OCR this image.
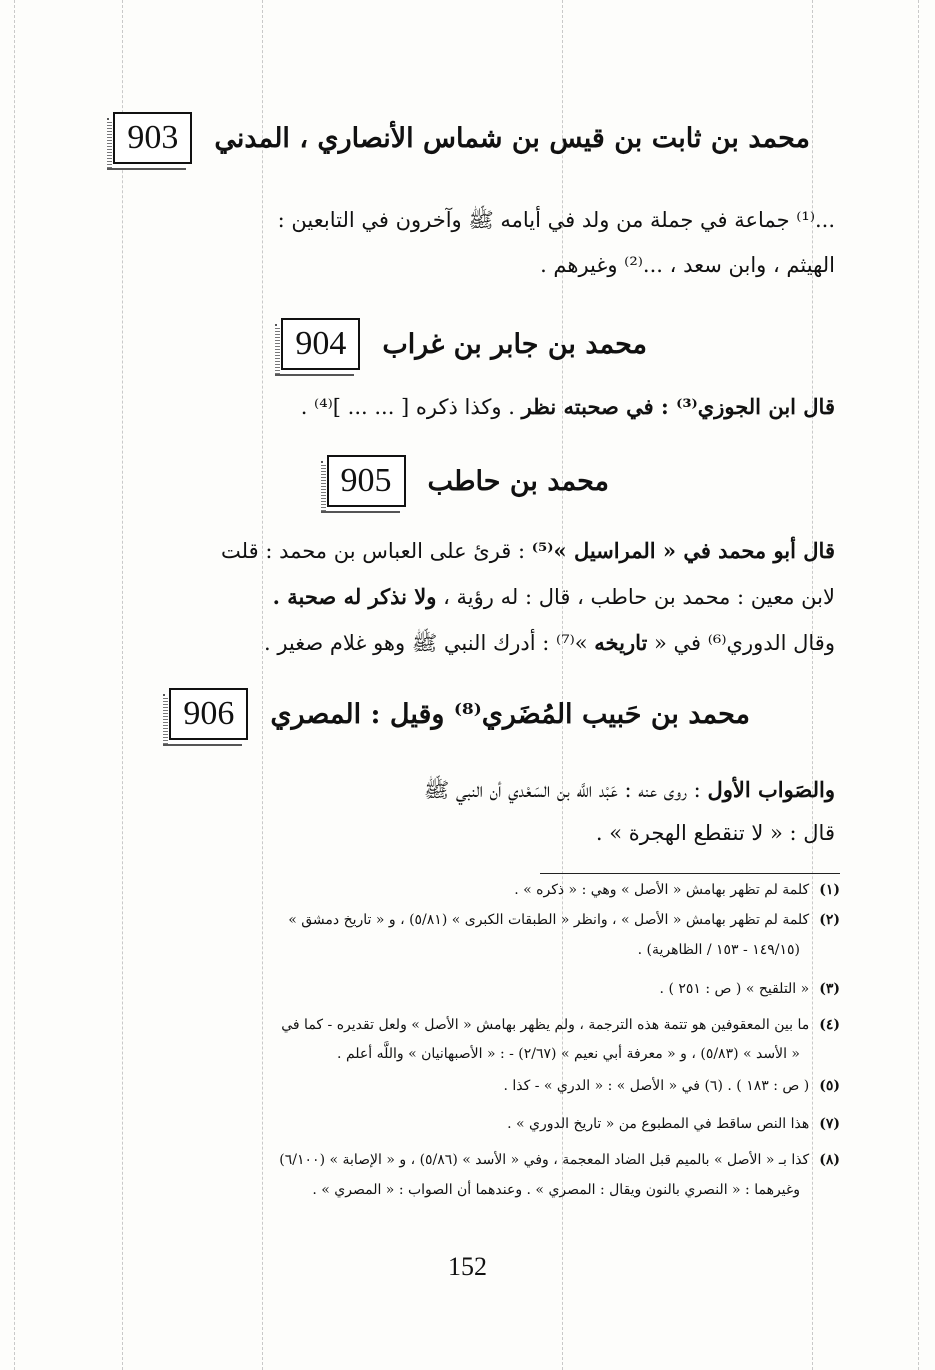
903	محمد بن ثابت بن قيس بن شماس الأنصاري ، المدني
...⁽¹⁾ جماعة في جملة من ولد في أيامه ﷺ وآخرون في التابعين :
الهيثم ، وابن سعد ، ...⁽²⁾ وغيرهم .
904	محمد بن جابر بن غراب
قال ابن الجوزي⁽³⁾ : في صحبته نظر . وكذا ذكره [ ... ... ]⁽⁴⁾ .
905	محمد بن حاطب
قال أبو محمد في « المراسيل »⁽⁵⁾ : قرئ على العباس بن محمد : قلت
لابن معين : محمد بن حاطب ، قال : له رؤية ، ولا نذكر له صحبة .
وقال الدوري⁽⁶⁾ في « تاريخه »⁽⁷⁾ : أدرك النبي ﷺ وهو غلام صغير .
906	محمد بن حَبيب المُضَري⁽⁸⁾ وقيل : المصري
والصَواب الأول : روى عنه : عَبْد اللَّه بن السَعْدي أن النبي ﷺ
قال : « لا تنقطع الهجرة » .
(١)كلمة لم تظهر بهامش « الأصل » وهي : « ذكره » .
(٢)كلمة لم تظهر بهامش « الأصل » ، وانظر « الطبقات الكبرى » (٥/٨١) ، و « تاريخ دمشق »
(١٤٩/١٥ - ١٥٣ / الظاهرية) .
(٣)« التلقيح » ( ص : ٢٥١ ) .
(٤)ما بين المعقوفين هو تتمة هذه الترجمة ، ولم يظهر بهامش « الأصل » ولعل تقديره - كما في
« الأسد » (٥/٨٣) ، و « معرفة أبي نعيم » (٢/٦٧) - : « الأصبهانيان » واللَّه أعلم .
(٥)( ص : ١٨٣ ) . (٦) في « الأصل » : « الدري » - كذا .
(٧)هذا النص ساقط في المطبوع من « تاريخ الدوري » .
(٨)كذا بـ « الأصل » بالميم قبل الضاد المعجمة ، وفي « الأسد » (٥/٨٦) ، و « الإصابة » (٦/١٠٠)
وغيرهما : « النصري بالنون ويقال : المصري » . وعندهما أن الصواب : « المصري » .
152
